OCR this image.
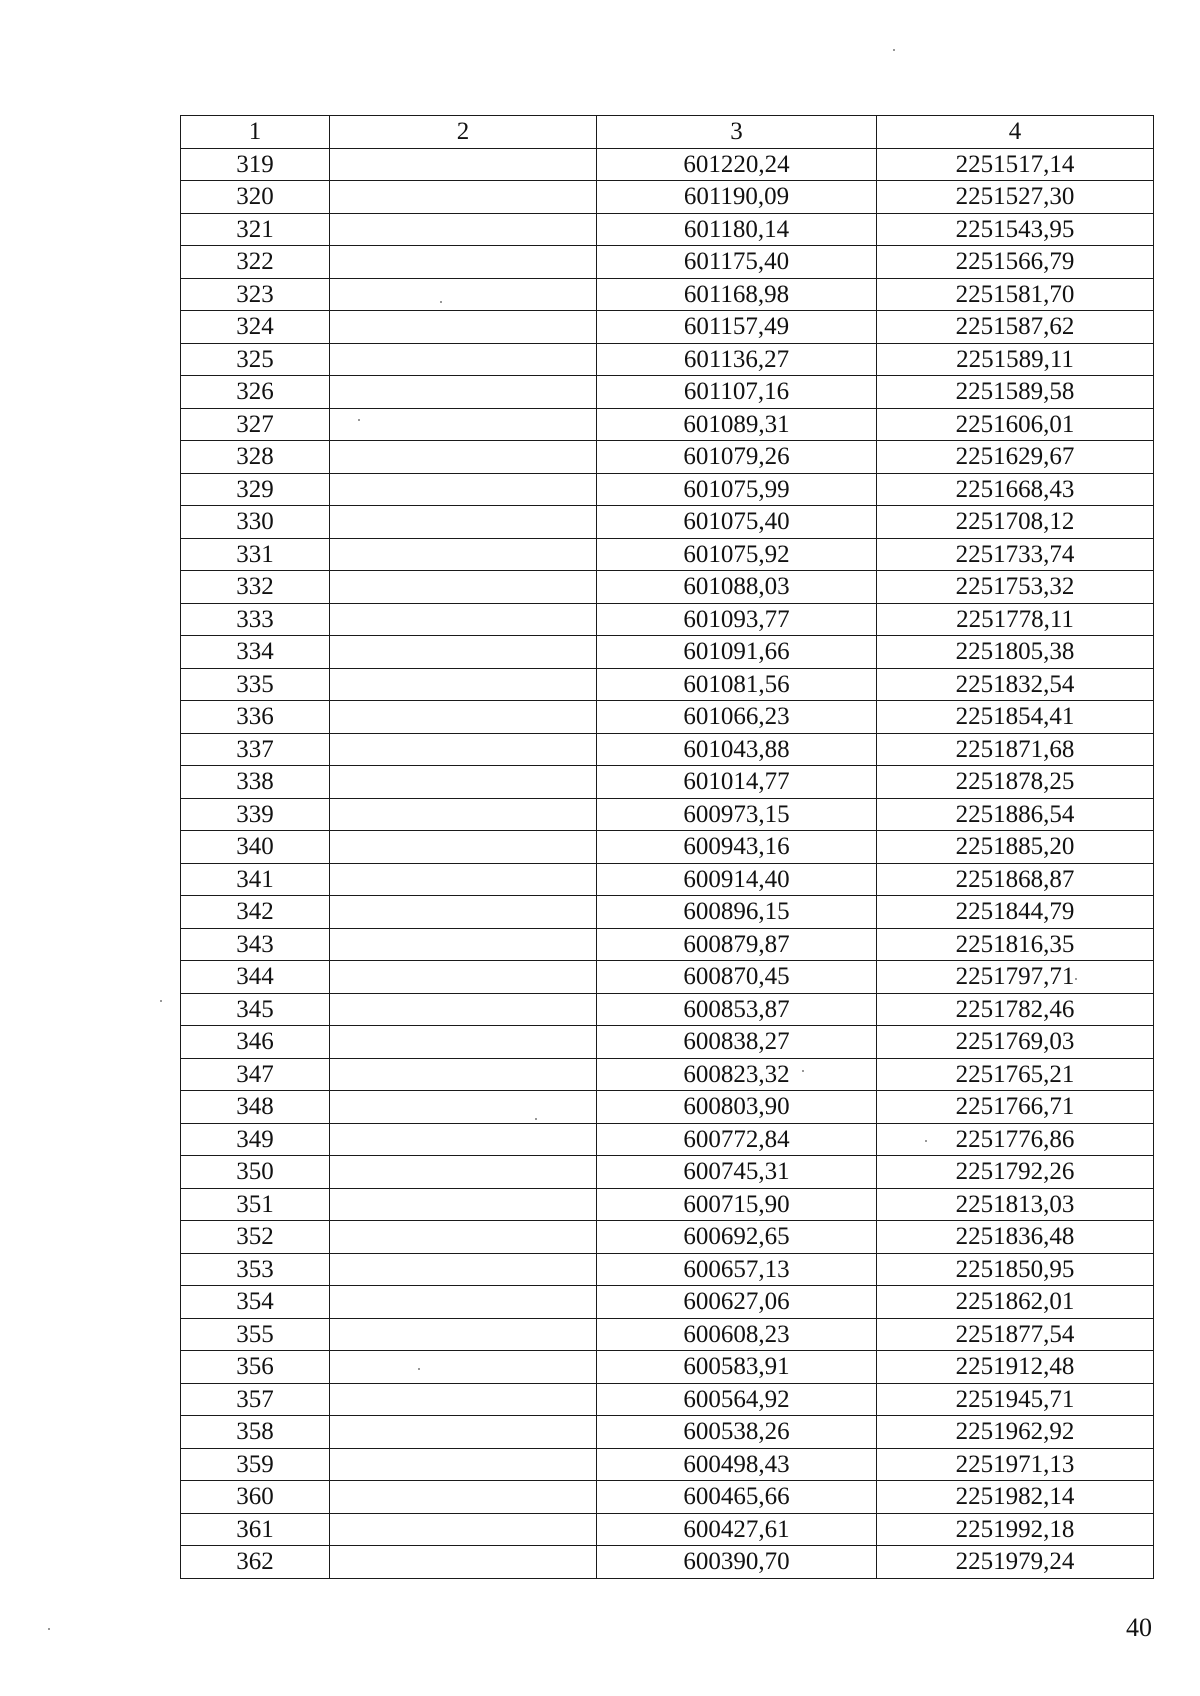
1	2	3	4
319		601220,24	2251517,14
320		601190,09	2251527,30
321		601180,14	2251543,95
322		601175,40	2251566,79
323		601168,98	2251581,70
324		601157,49	2251587,62
325		601136,27	2251589,11
326		601107,16	2251589,58
327		601089,31	2251606,01
328		601079,26	2251629,67
329		601075,99	2251668,43
330		601075,40	2251708,12
331		601075,92	2251733,74
332		601088,03	2251753,32
333		601093,77	2251778,11
334		601091,66	2251805,38
335		601081,56	2251832,54
336		601066,23	2251854,41
337		601043,88	2251871,68
338		601014,77	2251878,25
339		600973,15	2251886,54
340		600943,16	2251885,20
341		600914,40	2251868,87
342		600896,15	2251844,79
343		600879,87	2251816,35
344		600870,45	2251797,71
345		600853,87	2251782,46
346		600838,27	2251769,03
347		600823,32	2251765,21
348		600803,90	2251766,71
349		600772,84	2251776,86
350		600745,31	2251792,26
351		600715,90	2251813,03
352		600692,65	2251836,48
353		600657,13	2251850,95
354		600627,06	2251862,01
355		600608,23	2251877,54
356		600583,91	2251912,48
357		600564,92	2251945,71
358		600538,26	2251962,92
359		600498,43	2251971,13
360		600465,66	2251982,14
361		600427,61	2251992,18
362		600390,70	2251979,24
40
